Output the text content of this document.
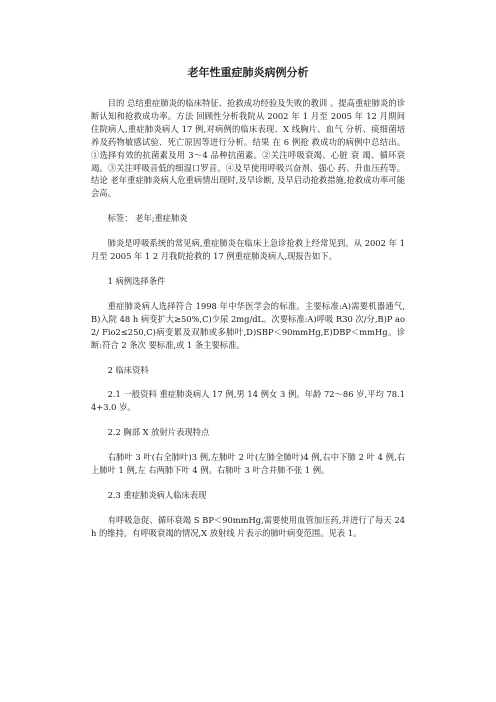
老年性重症肺炎病例分析

目的 总结重症肺炎的临床特征、抢救成功经验及失败的教训 。提高重症肺炎的诊断认知和抢救成功率。方法 回顾性分析我院从 2002 年 1 月至 2005 年 12 月期间住院病人,重症肺炎病人 17 例,对病例的临床表现、X 线胸片、血气 分析、痰细菌培养及药物敏感试验、死亡原因等进行分析。结果 在 6 例抢 救成功的病例中总结出。①选择有效的抗菌素及用 3～4 品种抗菌素。②关注呼吸衰竭、心脏 衰 竭、循环衰竭。③关注呼吸音低的细湿口罗音。④及早使用呼吸兴奋剂、强心 药、升血压药等。结论 老年重症肺炎病人危重病情出现时,及早诊断, 及早启动抢救措施,抢救成功率可能会高。

标签： 老年;重症肺炎

肺炎是呼吸系统的常见病,重症肺炎在临床上急诊抢救上经常见到。从 2002 年 1 月至 2005 年 1 2 月我院抢救的 17 例重症肺炎病人,现报告如下。

1 病例选择条件

重症肺炎病人选择符合 1998 年中华医学会的标准。主要标准:A)需要机器通气,B)入院 48 h 病变扩大≥50%,C)少尿 2mg/dL。次要标准:A)呼吸 R30 次/分,B)P ao2/ Fio2≤250,C)病变累及双肺或多肺叶,D)SBP＜90mmHg,E)DBP＜mmHg。诊断:符合 2 条次 要标准,或 1 条主要标准。

2 临床资料

2.1 一般资料 重症肺炎病人 17 例,男 14 例女 3 例。年龄 72～86 岁,平均 78.14+3.0 岁。

2.2 胸部 X 放射片表现特点

右肺叶 3 叶(右全肺叶)3 例,左肺叶 2 叶(左肺全肺叶)4 例,右中下肺 2 叶 4 例,右上肺叶 1 例,左 右两肺下叶 4 例。右肺叶 3 叶合并肺不张 1 例。

2.3 重症肺炎病人临床表现

有呼吸急促、循环衰竭 S BP＜90mmHg,需要使用血管加压药,并进行了每天 24h 的维持。有呼吸衰竭的情况,X 放射线 片表示的肺叶病变范围。见表 1。
